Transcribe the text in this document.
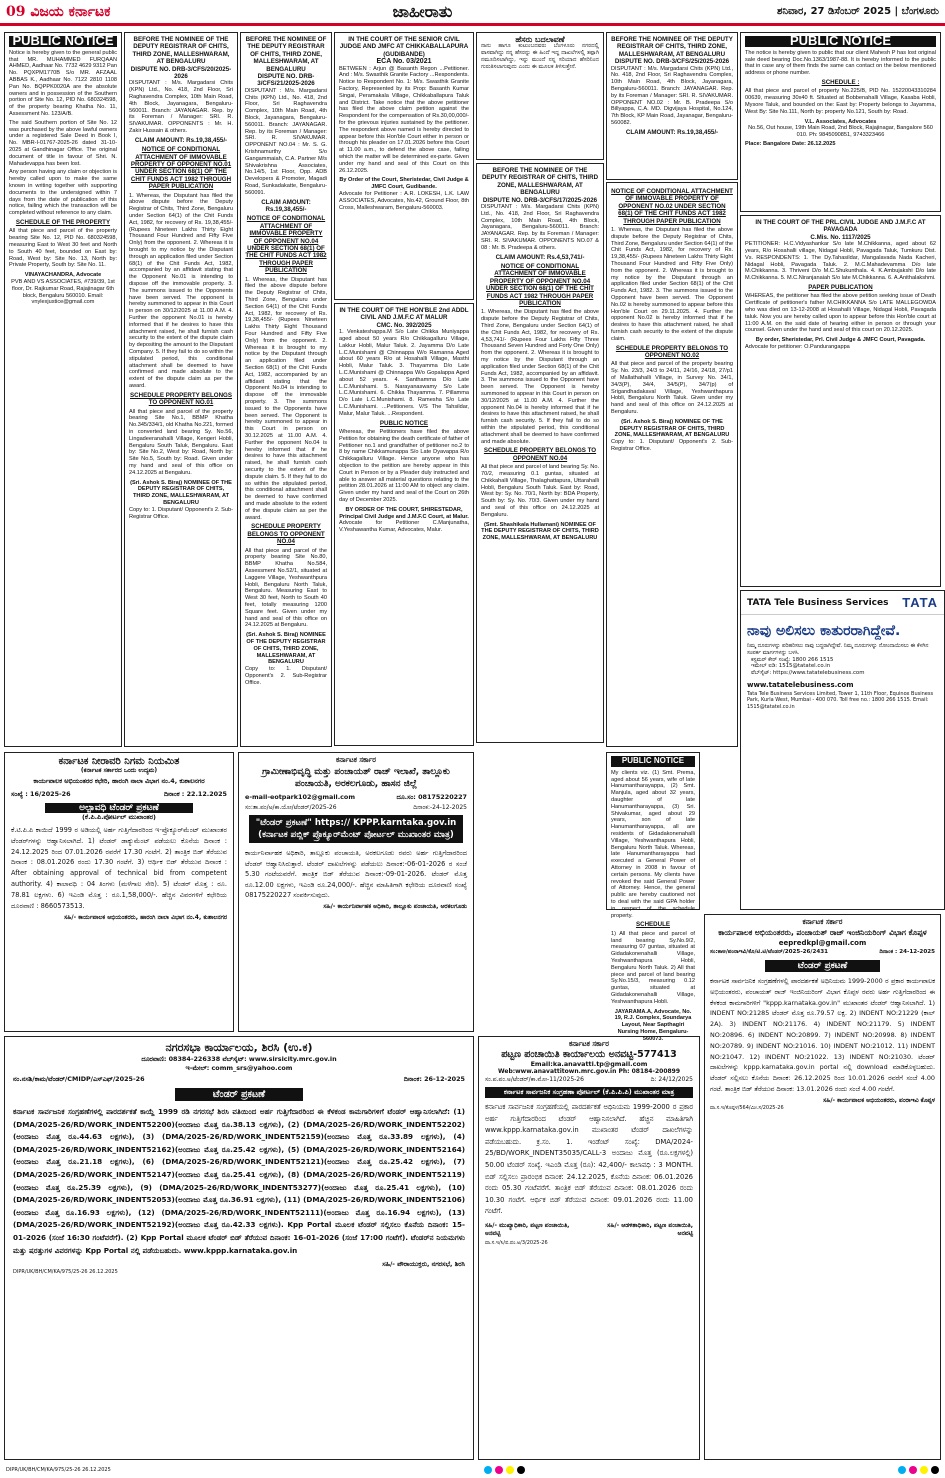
09 ವಿಜಯ ಕರ್ನಾಟಕ	ಜಾಹೀರಾತು	ಶನಿವಾರ, 27 ಡಿಸೆಂಬರ್ 2025 | ಬೆಂಗಳೂರು
PUBLIC NOTICE

Notice is hereby given to the general public that MR. MUHAMMED FURQAAN AHMED, Aadhaar No. 7732 4629 9312 Pan No. PQXPM1770B S/o MR. AFZAAL ABBAS K., Aadhaar No. 7122 2810 1108 Pan No. BQPPK0020A are the absolute owners and in possession of the Southern portion of Site No. 12, PID No. 680324598, of the property bearing Khatha No. 11, Assessment No. 123/A/B.

The said Southern portion of Site No. 12 was purchased by the above lawful owners under a registered Sale Deed in Book I, No. MBR-I-01767-2025-26 dated 31-10-2025 at Gandhinagar Office. The original document of title in favour of Shri. N. Mahadevappa has been lost.

Any person having any claim or objection is hereby called upon to make the same known in writing together with supporting documents to the undersigned within 7 days from the date of publication of this notice, failing which the transaction will be completed without reference to any claim.

SCHEDULE OF THE PROPERTY

All that piece and parcel of the property bearing Site No. 12, PID No. 680324598, measuring East to West 30 feet and North to South 40 feet, bounded on East by: Road, West by: Site No. 13, North by: Private Property, South by: Site No. 11.

VINAYACHANDRA, Advocate

PVB AND VS ASSOCIATES, #739/39, 1st floor, Dr. Rajkumar Road, Rajajinagar 6th block, Bengaluru 560010. Email: vnylexjustice@gmail.com

BEFORE THE NOMINEE OF THE DEPUTY REGISTRAR OF CHITS, THIRD ZONE, MALLESHWARAM, AT BENGALURU
DISPUTE NO. DRB-3/CFS/20/2025-2026

DISPUTANT : M/s. Margadarsi Chits (KPN) Ltd., No. 418, 2nd Floor, Sri Raghavendra Complex, 10th Main Road, 4th Block, Jayanagara, Bengaluru-560011. Branch: JAYANAGAR. Rep. by its Foreman / Manager: SRI. R. SIVAKUMAR. OPPONENTS : Mr. H. Zakir Hussain & others.

CLAIM AMOUNT: Rs.19,38,455/-
NOTICE OF CONDITIONAL ATTACHMENT OF IMMOVABLE PROPERTY OF OPPONENT NO.01 UNDER SECTION 68(1) OF THE CHIT FUNDS ACT 1982 THROUGH PAPER PUBLICATION

1. Whereas, the Disputant has filed the above dispute before the Deputy Registrar of Chits, Third Zone, Bengaluru under Section 64(1) of the Chit Funds Act, 1982, for recovery of Rs. 19,38,455/- (Rupees Nineteen Lakhs Thirty Eight Thousand Four Hundred and Fifty Five Only) from the opponent. 2. Whereas it is brought to my notice by the Disputant through an application filed under Section 68(1) of the Chit Funds Act, 1982, accompanied by an affidavit stating that the Opponent No.01 is intending to dispose off the immovable property. 3. The summons issued to the Opponents have been served. The opponent is hereby summoned to appear in this Court in person on 30/12/2025 at 11.00 A.M. 4. Further the opponent No.01 is hereby informed that if he desires to have this attachment raised, he shall furnish cash security to the extent of the dispute claim by depositing the amount to the Disputant Company. 5. If they fail to do so within the stipulated period, this conditional attachment shall be deemed to have confirmed and made absolute to the extent of the dispute claim as per the award.

SCHEDULE PROPERTY BELONGS TO OPPONENT NO.01

All that piece and parcel of the property bearing Site No.1, BBMP Khatha No.345/334/1, old Khatha No.221, formed in converted land bearing Sy. No.56, Lingadeeranahalli Village, Kengeri Hobli, Bengaluru South Taluk, Bengaluru. East by: Site No.2, West by: Road, North by: Site No.5, South by: Road. Given under my hand and seal of this office on 24.12.2025 at Bengaluru.

(Sri. Ashok S. Biraj) NOMINEE OF THE DEPUTY REGISTRAR OF CHITS, THIRD ZONE, MALLESHWARAM, AT BENGALURU

Copy to: 1. Disputant/ Opponent's 2. Sub-Registrar Office.

BEFORE THE NOMINEE OF THE DEPUTY REGISTRAR OF CHITS, THIRD ZONE, MALLESHWARAM, AT BENGALURU
DISPUTE NO. DRB-3/CFS/21/2025-2026

DISPUTANT : M/s. Margadarsi Chits (KPN) Ltd., No. 418, 2nd Floor, Sri Raghavendra Complex, 10th Main Road, 4th Block, Jayanagara, Bengaluru-560011. Branch: JAYANAGAR. Rep. by its Foreman / Manager: SRI. R. SIVAKUMAR. OPPONENT NO.04 : Mr. S. G. Krishnamurthy S/o Gangammaiah, C.A. Partner M/s Shivakrishna Associates, No.14/5, 1st Floor, Opp. ADB Developers & Promoter, Magadi Road, Sunkadakatte, Bengaluru-560091.

CLAIM AMOUNT: Rs.19,38,455/-
NOTICE OF CONDITIONAL ATTACHMENT OF IMMOVABLE PROPERTY OF OPPONENT NO.04 UNDER SECTION 68(1) OF THE CHIT FUNDS ACT 1982 THROUGH PAPER PUBLICATION

1. Whereas, the Disputant has filed the above dispute before the Deputy Registrar of Chits, Third Zone, Bengaluru under Section 64(1) of the Chit Funds Act, 1982, for recovery of Rs. 19,38,455/- (Rupees Nineteen Lakhs Thirty Eight Thousand Four Hundred and Fifty Five Only) from the opponent. 2. Whereas it is brought to my notice by the Disputant through an application filed under Section 68(1) of the Chit Funds Act, 1982, accompanied by an affidavit stating that the Opponent No.04 is intending to dispose off the immovable property. 3. The summons issued to the Opponents have been served. The Opponent is hereby summoned to appear in this Court in person on 30.12.2025 at 11.00 A.M. 4. Further the opponent No.04 is hereby informed that if he desires to have this attachment raised, he shall furnish cash security to the extent of the dispute claim. 5. If they fail to do so within the stipulated period, this conditional attachment shall be deemed to have confirmed and made absolute to the extent of the dispute claim as per the award.

SCHEDULE PROPERTY BELONGS TO OPPONENT NO.04

All that piece and parcel of the property bearing Site No.80, BBMP Khatha No.584, Assessment No.52/1, situated at Laggere Village, Yeshwanthpura Hobli, Bengaluru North Taluk, Bengaluru. Measuring East to West 30 feet, North to South 40 feet, totally measuring 1200 Square feet. Given under my hand and seal of this office on 24.12.2025 at Bengaluru.

(Sri. Ashok S. Biraj) NOMINEE OF THE DEPUTY REGISTRAR OF CHITS, THIRD ZONE, MALLESHWARAM, AT BENGALURU

Copy to: 1. Disputant/ Opponent's 2. Sub-Registrar Office.

IN THE COURT OF THE SENIOR CIVIL JUDGE AND JMFC AT CHIKKABALLAPURA (GUDIBANDE)
ECA No. 03/2021

BETWEEN : Arjun @ Basanth Regon ...Petitioner. And : M/s. Swasthik Granite Factory ...Respondents. Notice to Respondent No. 1: M/s. Swasthik Granite Factory, Represented by its Prop: Basanth Kumar Singai, Peramakala Village, Chikkaballapura Taluk and District. Take notice that the above petitioner has filed the above claim petition against the Respondent for the compensation of Rs.30,00,000/- for the grievous injuries sustained by the petitioner. The respondent above named is hereby directed to appear before this Hon'ble Court either in person or through his pleader on 17.01.2026 before this Court at 11.00 a.m., to defend the above case, failing which the matter will be determined ex-parte. Given under my hand and seal of this Court on this 26.12.2025.

By Order of the Court, Sheristedar, Civil Judge & JMFC Court, Gudibande.

Advocate for Petitioner : A.R. LOKESH, L.K. LAW ASSOCIATES, Advocates, No.42, Ground Floor, 8th Cross, Malleshwaram, Bengaluru-560003.

IN THE COURT OF THE HON'BLE 2nd ADDL CIVIL AND J.M.F.C AT MALUR
CMC. No. 392/2025

1. Venkateshappa.M S/o Late Chikka Muniyappa aged about 50 years R/o Chikkagalluru Village, Lakkur Hobli, Malur Taluk. 2. Jayamma D/o Late L.C.Munishami @ Chinnappa W/o Ramanna Aged about 60 years R/o at Hosahalli Village, Masthi Hobli, Malur Taluk. 3. Thayamma D/o Late L.C.Munishami @ Chinnappa W/o Gopalappa Aged about 52 years. 4. Santhamma D/o Late L.C.Munishami. 5. Narayanaswamy S/o Late L.C.Munishami. 6. Chikka Thayamma. 7. Pillamma D/o Late L.C.Munishami. 8. Ramesha S/o Late L.C.Munishami. ...Petitioners. V/S The Tahsildar, Malur, Malur Taluk. ...Respondent.

PUBLIC NOTICE

Whereas, the Petitioners have filed the above Petition for obtaining the death certificate of father of Petitioner no.1 and grandfather of petitioner no.2 to 8 by name Chikkamunappa S/o Late Dyavappa R/o Chikkagalluru Village. Hence anyone who has objection to the petition are hereby appear in this Court in Person or by a Pleader duly instructed and able to answer all material questions relating to the petition 28.01.2026 at 11:00 AM to object any claim. Given under my hand and seal of the Court on 26th day of December 2025.

BY ORDER OF THE COURT, SHIRESTEDAR, Principal Civil Judge and J.M.F.C Court, at Malur.

Advocate for Petitioner C.Manjunatha, V.Yeshawantha Kumar, Advocates, Malur.

ಹೆಸರು ಬದಲಾವಣೆ

ನಾನು ಹಾಗೂ ಕುಟುಂಬದವರು ಬೆಂಗಳೂರು ನಗರದಲ್ಲಿ ವಾಸವಾಗಿದ್ದು ನನ್ನ ಹೆಸರನ್ನು ಈ ಹಿಂದೆ ಇದ್ದ ದಾಖಲೆಗಳಲ್ಲಿ ತಪ್ಪಾಗಿ ನಮೂದಿಸಲಾಗಿದ್ದು, ಇನ್ನು ಮುಂದೆ ನನ್ನ ಸರಿಯಾದ ಹೆಸರಿನಿಂದ ಗುರುತಿಸಲಾಗುವುದು ಎಂದು ಈ ಮೂಲಕ ತಿಳಿಸುತ್ತೇನೆ.

BEFORE THE NOMINEE OF THE DEPUTY REGISTRAR OF CHITS, THIRD ZONE, MALLESHWARAM, AT BENGALURU
DISPUTE NO. DRB-3/CFS/17/2025-2026

DISPUTANT : M/s. Margadarsi Chits (KPN) Ltd., No. 418, 2nd Floor, Sri Raghavendra Complex, 10th Main Road, 4th Block, Jayanagara, Bengaluru-560011. Branch: JAYANAGAR. Rep. by its Foreman / Manager: SRI. R. SIVAKUMAR. OPPONENTS NO.07 & 08 : Mr. B. Pradeepa & others.

CLAIM AMOUNT: Rs.4,53,741/-
NOTICE OF CONDITIONAL ATTACHMENT OF IMMOVABLE PROPERTY OF OPPONENT NO.04 UNDER SECTION 68(1) OF THE CHIT FUNDS ACT 1982 THROUGH PAPER PUBLICATION

1. Whereas, the Disputant has filed the above dispute before the Deputy Registrar of Chits, Third Zone, Bengaluru under Section 64(1) of the Chit Funds Act, 1982, for recovery of Rs. 4,53,741/- (Rupees Four Lakhs Fifty Three Thousand Seven Hundred and Forty One Only) from the opponent. 2. Whereas it is brought to my notice by the Disputant through an application filed under Section 68(1) of the Chit Funds Act, 1982, accompanied by an affidavit. 3. The summons issued to the Opponent have been served. The Opponent is hereby summoned to appear in this Court in person on 30/12/2025 at 11.00 A.M. 4. Further the opponent No.04 is hereby informed that if he desires to have this attachment raised, he shall furnish cash security. 5. If they fail to do so within the stipulated period, this conditional attachment shall be deemed to have confirmed and made absolute.

SCHEDULE PROPERTY BELONGS TO OPPONENT NO.04

All that piece and parcel of land bearing Sy. No. 70/2, measuring 0.1 guntas, situated at Chikkahalli Village, Thalaghattapura, Uttarahalli Hobli, Bengaluru South Taluk. East by: Road, West by: Sy. No. 70/1, North by: BDA Property, South by: Sy. No. 70/3. Given under my hand and seal of this office on 24.12.2025 at Bengaluru.

(Smt. Shashikala Hullamani) NOMINEE OF THE DEPUTY REGISTRAR OF CHITS, THIRD ZONE, MALLESHWARAM, AT BENGALURU
BEFORE THE NOMINEE OF THE DEPUTY REGISTRAR OF CHITS, THIRD ZONE, MALLESHWARAM, AT BENGALURU
DISPUTE NO. DRB-3/CFS/25/2025-2026

DISPUTANT : M/s. Margadarsi Chits (KPN) Ltd., No. 418, 2nd Floor, Sri Raghavendra Complex, 10th Main Road, 4th Block, Jayanagara, Bengaluru-560011. Branch: JAYANAGAR. Rep. by its Foreman / Manager: SRI. R. SIVAKUMAR. OPPONENT NO.02 : Mr. B. Pradeepa S/o Billyappa, C.A. MD. Digvijaya Hospital, No.124, 7th Block, KP Main Road, Jayanagar, Bengaluru-560082.

CLAIM AMOUNT: Rs.19,38,455/-
NOTICE OF CONDITIONAL ATTACHMENT OF IMMOVABLE PROPERTY OF OPPONENT NO.02 UNDER SECTION 68(1) OF THE CHIT FUNDS ACT 1982 THROUGH PAPER PUBLICATION

1. Whereas, the Disputant has filed the above dispute before the Deputy Registrar of Chits, Third Zone, Bengaluru under Section 64(1) of the Chit Funds Act, 1982, for recovery of Rs. 19,38,455/- (Rupees Nineteen Lakhs Thirty Eight Thousand Four Hundred and Fifty Five Only) from the opponent. 2. Whereas it is brought to my notice by the Disputant through an application filed under Section 68(1) of the Chit Funds Act, 1982. 3. The summons issued to the Opponent have been served. The Opponent No.02 is hereby summoned to appear before this Hon'ble Court on 29.11.2025. 4. Further the opponent No.02 is hereby informed that if he desires to have this attachment raised, he shall furnish cash security to the extent of the dispute claim.

SCHEDULE PROPERTY BELONGS TO OPPONENT NO.02

All that piece and parcel of the property bearing Sy. No. 23/3, 24/3 to 24/11, 24/16, 24/18, 27/p1 of Mallathahalli Village, in Survey No. 34/1, 34/3(P), 34/4, 34/5(P), 34/7(p) of Srigandhadakaval Village, Yeshwanthapura Hobli, Bengaluru North Taluk. Given under my hand and seal of this office on 24.12.2025 at Bengaluru.

(Sri. Ashok S. Biraj) NOMINEE OF THE DEPUTY REGISTRAR OF CHITS, THIRD ZONE, MALLESHWARAM, AT BENGALURU

Copy to: 1. Disputant/ Opponent's 2. Sub-Registrar Office.

PUBLIC NOTICE

The notice is hereby given to public that our client Mahesh P has lost original sale deed bearing Doc.No.1363/1987-88. It is hereby informed to the public that in case any of them finds the same can contact on the below mentioned address or phone number.

SCHEDULE :

All that piece and parcel of property No.225/B, PID No. 15220043310284 00639, measuring 30x40 ft. Situated at Bobbenahalli Village, Kasaba Hobli, Mysore Taluk, and bounded on the: East by: Property belongs to Jayamma, West By: Site No.111, North by: property No.121, South by: Road.

V.L. Associates, Advocates

No.56, Out house, 19th Main Road, 2nd Block, Rajajinagar, Bangalore 560 010. Ph: 9845090851, 9743323466

Place: Bangalore Date: 26.12.2025

IN THE COURT OF THE PRL.CIVIL JUDGE AND J.M.F.C AT PAVAGADA
C.Mis. No. 1117/2025

PETITIONER: H.C.Vidyashankar S/o late M.Chikkanna, aged about 62 years, R/o Hosahalli village, Nidagal Hobli, Pavagada Taluk, Tumkuru Dist. Vs. RESPONDENTS: 1. The Dy.Tahasildar, Mangalavada Nada Kacheri, Nidagal Hobli, Pavagada Taluk. 2. M.C.Mahadevamma D/o late M.Chikkanna. 3. Thriveni D/o M.C.Shukunthala. 4. K.Ambujakshi D/o late M.Chikkanna. 5. M.C.Niranjanaiah S/o late M.Chikkanna. 6. A.Anithalakshmi.

PAPER PUBLICATION

WHEREAS, the petitioner has filed the above petition seeking issue of Death Certificate of petitioner's father M.CHIKKANNA S/o LATE MALLEGOWDA who was died on 13-12-2008 at Hosahalli Village, Nidagal Hobli, Pavagada taluk. Now you are hereby called upon to appear before this Hon'ble court at 11:00 A.M. on the said date of hearing either in person or through your counsel. Given under the hand and seal of this court on 20.12.2025.

By order, Sheristedar, Prl. Civil Judge & JMFC Court, Pavagada.

Advocate for petitioner: O.Pandurangappa

TATA Tele Business Services TATA
ನಾವು ಅಲಿಸಲು ಕಾತುರರಾಗಿದ್ದೇವೆ.

ನಿಮ್ಮ ದೂರುಗಳನ್ನು ಪರಿಹರಿಸಲು ನಾವು ಬದ್ಧರಾಗಿದ್ದೇವೆ. ನಿಮ್ಮ ದೂರುಗಳನ್ನು ನೋಂದಾಯಿಸಲು ಈ ಕೆಳಗಿನ ಸಂಪರ್ಕ ಮಾರ್ಗಗಳನ್ನು ಬಳಸಿ.

ಕಸ್ಟಮರ್ ಕೇರ್ ಸಂಖ್ಯೆ: 1800 266 1515

ಇಮೇಲ್ ಐಡಿ: 1515@tatatel.co.in

ವೆಬ್‌ಸೈಟ್: https://www.tatatelebusiness.com

www.tatatelebusiness.com
Tata Tele Business Services Limited, Tower 1, 11th Floor, Equinox Business Park, Kurla West, Mumbai - 400 070. Toll free no.: 1800 266 1515. Email: 1515@tatatel.co.in
ಕರ್ನಾಟಕ ನೀರಾವರಿ ನಿಗಮ ನಿಯಮಿತ
(ಕರ್ನಾಟಕ ಸರ್ಕಾರದ ಒಂದು ಉದ್ಯಮ)
ಕಾರ್ಯಪಾಲಕ ಅಭಿಯಂತರರ ಕಛೇರಿ, ಹಾರಂಗಿ ನಾಲಾ ವಿಭಾಗ ನಂ.4, ಕುಶಾಲನಗರ
ಸಂಖ್ಯೆ : 16/2025-26	ದಿನಾಂಕ : 22.12.2025
ಅಲ್ಪಾವಧಿ ಟೆಂಡರ್ ಪ್ರಕಟಣೆ
(ಕೆ.ಪಿ.ಪಿ.ಪೋರ್ಟಲ್ ಮುಖಾಂತರ)
ಕೆ.ಟಿ.ಪಿ.ಪಿ ಕಾಯಿದೆ 1999 ರ ಅಡಿಯಲ್ಲಿ ಅರ್ಹ ಗುತ್ತಿಗೆದಾರರಿಂದ ಇ-ಪ್ರೊಕ್ಯೂರ್‌ಮೆಂಟ್ ಮುಖಾಂತರ ಟೆಂಡರ್‌ಗಳನ್ನು ಆಹ್ವಾನಿಸಲಾಗಿದೆ. 1) ಟೆಂಡರ್ ಡಾಕ್ಯುಮೆಂಟ್ ಪಡೆಯಲು ಕೊನೆಯ ದಿನಾಂಕ : 24.12.2025 ರಿಂದ 07.01.2026 ರವರೆಗೆ 17.30 ಗಂಟೆಗೆ. 2) ತಾಂತ್ರಿಕ ಬಿಡ್ ತೆರೆಯುವ ದಿನಾಂಕ : 08.01.2026 ರಂದು 17.30 ಗಂಟೆಗೆ. 3) ಆರ್ಥಿಕ ಬಿಡ್ ತೆರೆಯುವ ದಿನಾಂಕ : After obtaining approval of technical bid from competent authority. 4) ಕಾಲಾವಧಿ : 04 ತಿಂಗಳು (ಮಳೆಗಾಲ ಸೇರಿ). 5) ಟೆಂಡರ್ ಮೊತ್ತ : ರೂ. 78.81 ಲಕ್ಷಗಳು. 6) ಇಎಂಡಿ ಮೊತ್ತ : ರೂ.1,58,000/-. ಹೆಚ್ಚಿನ ವಿವರಗಳಿಗೆ ಕಛೇರಿಯ ದೂರವಾಣಿ : 8660573513.
ಸಹಿ/- ಕಾರ್ಯಪಾಲಕ ಅಭಿಯಂತರರು, ಹಾರಂಗಿ ನಾಲಾ ವಿಭಾಗ ನಂ.4, ಕುಶಾಲನಗರ
ಕರ್ನಾಟಕ ಸರ್ಕಾರ
ಗ್ರಾಮೀಣಾಭಿವೃದ್ಧಿ ಮತ್ತು ಪಂಚಾಯತ್ ರಾಜ್ ಇಲಾಖೆ, ತಾಲ್ಲೂಕು ಪಂಚಾಯತಿ, ಅರಕಲಗೂಡು, ಹಾಸನ ಜಿಲ್ಲೆ
e-mail-eotpark102@gmail.com	ದೂ.ಸಂ: 08175220227
ಸಂ:ತಾ.ಪಂ/ಅ/ಕಾ.ಯೋ/ಟೆಂಡರ್/2025-26	ದಿನಾಂಕ:-24-12-2025
"ಟೆಂಡರ್ ಪ್ರಕಟಣೆ" https:// KPPP.karntaka.gov.in (ಕರ್ನಾಟಕ ಪಬ್ಲಿಕ್ ಪ್ರೊಕ್ಯೂರ್‌ಮೆಂಟ್ ಪೋರ್ಟಲ್ ಮುಖಾಂತರ ಮಾತ್ರ)
ಕಾರ್ಯನಿರ್ವಾಹಕ ಅಧಿಕಾರಿ, ತಾಲ್ಲೂಕು ಪಂಚಾಯತಿ, ಅರಕಲಗೂಡು ರವರು ಅರ್ಹ ಗುತ್ತಿಗೆದಾರರಿಂದ ಟೆಂಡರ್ ಆಹ್ವಾನಿಸಿರುತ್ತಾರೆ. ಟೆಂಡರ್ ದಾಖಲೆಗಳನ್ನು ಪಡೆಯಲು ದಿನಾಂಕ:-06-01-2026 ರ ಸಂಜೆ 5.30 ಗಂಟೆಯವರೆಗೆ. ತಾಂತ್ರಿಕ ಬಿಡ್ ತೆರೆಯುವ ದಿನಾಂಕ:-09-01-2026. ಟೆಂಡರ್ ಮೊತ್ತ ರೂ.12.00 ಲಕ್ಷಗಳು, ಇಎಂಡಿ ರೂ.24,000/-. ಹೆಚ್ಚಿನ ಮಾಹಿತಿಗಾಗಿ ಕಛೇರಿಯ ದೂರವಾಣಿ ಸಂಖ್ಯೆ 08175220227 ಸಂಪರ್ಕಿಸುವುದು.
ಸಹಿ/- ಕಾರ್ಯನಿರ್ವಾಹಕ ಅಧಿಕಾರಿ, ತಾಲ್ಲೂಕು ಪಂಚಾಯತಿ, ಅರಕಲಗೂಡು
ನಗರಸಭಾ ಕಾರ್ಯಾಲಯ, ಶಿರಸಿ (ಉ.ಕ)
ದೂರವಾಣಿ: 08384-226338 ವೆಬ್‌ಸೈಟ್: www.sirsicity.mrc.gov.in
ಇ-ಮೇಲ್: comm_srs@yahoo.com
ನಂ.ನಸಶಿ/ಕಾಮ/ಟೆಂಡರ್/CMIDP/ಎಸ್‌ಎಫ್/2025-26	ದಿನಾಂಕ: 26-12-2025
ಟೆಂಡರ್ ಪ್ರಕಟಣೆ
ಕರ್ನಾಟಕ ಸಾರ್ವಜನಿಕ ಸಂಗ್ರಹಣೆಗಳಲ್ಲಿ ಪಾರದರ್ಶಕತೆ ಕಾಯ್ದೆ 1999 ರಡಿ ನಗರಸಭೆ ಶಿರಸಿ ವತಿಯಿಂದ ಅರ್ಹ ಗುತ್ತಿಗೆದಾರರಿಂದ ಈ ಕೆಳಕಂಡ ಕಾಮಗಾರಿಗಳಿಗೆ ಟೆಂಡರ್ ಆಹ್ವಾನಿಸಲಾಗಿದೆ: (1) (DMA/2025-26/RD/WORK_INDENT52200)(ಅಂದಾಜು ಮೊತ್ತ ರೂ.38.13 ಲಕ್ಷಗಳು), (2) (DMA/2025-26/RD/WORK_INDENT52202)(ಅಂದಾಜು ಮೊತ್ತ ರೂ.44.63 ಲಕ್ಷಗಳು), (3) (DMA/2025-26/RD/WORK_INDENT52159)(ಅಂದಾಜು ಮೊತ್ತ ರೂ.33.89 ಲಕ್ಷಗಳು), (4) (DMA/2025-26/RD/WORK_INDENT52162)(ಅಂದಾಜು ಮೊತ್ತ ರೂ.25.42 ಲಕ್ಷಗಳು), (5) (DMA/2025-26/RD/WORK_INDENT52164)(ಅಂದಾಜು ಮೊತ್ತ ರೂ.21.18 ಲಕ್ಷಗಳು), (6) (DMA/2025-26/RD/WORK_INDENT52121)(ಅಂದಾಜು ಮೊತ್ತ ರೂ.25.42 ಲಕ್ಷಗಳು), (7) (DMA/2025-26/RD/WORK_INDENT52147)(ಅಂದಾಜು ಮೊತ್ತ ರೂ.25.41 ಲಕ್ಷಗಳು), (8) (DMA/2025-26/RD/WORK_INDENT52119)(ಅಂದಾಜು ಮೊತ್ತ ರೂ.25.39 ಲಕ್ಷಗಳು), (9) (DMA/2025-26/RD/WORK_INDENT53277)(ಅಂದಾಜು ಮೊತ್ತ ರೂ.25.41 ಲಕ್ಷಗಳು), (10) (DMA/2025-26/RD/WORK_INDENT52053)(ಅಂದಾಜು ಮೊತ್ತ ರೂ.36.91 ಲಕ್ಷಗಳು), (11) (DMA/2025-26/RD/WORK_INDENT52106)(ಅಂದಾಜು ಮೊತ್ತ ರೂ.16.93 ಲಕ್ಷಗಳು), (12) (DMA/2025-26/RD/WORK_INDENT52111)(ಅಂದಾಜು ಮೊತ್ತ ರೂ.16.94 ಲಕ್ಷಗಳು), (13) (DMA/2025-26/RD/WORK_INDENT52192)(ಅಂದಾಜು ಮೊತ್ತ ರೂ.42.33 ಲಕ್ಷಗಳು). Kpp Portal ಮೂಲಕ ಟೆಂಡರ್ ಸಲ್ಲಿಸಲು ಕೊನೆಯ ದಿನಾಂಕ: 15-01-2026 (ಸಂಜೆ 16:30 ಗಂಟೆವರೆಗೆ). (2) Kpp Portal ಮೂಲಕ ಟೆಂಡರ್ ಬಿಡ್ ತೆರೆಯುವ ದಿನಾಂಕ: 16-01-2026 (ಸಂಜೆ 17:00 ಗಂಟೆಗೆ). ಟೆಂಡರ್‌ನ ನಿಯಮಗಳು ಮತ್ತು ಷರತ್ತುಗಳ ವಿವರಗಳನ್ನು Kpp Portal ನಲ್ಲಿ ಪಡೆಯಬಹುದು. www.kppp.karnataka.gov.in
ಸಹಿ/- ಪೌರಾಯುಕ್ತರು, ನಗರಸಭೆ, ಶಿರಸಿ
DIPR/UK/BH/CM/KA/975/25-26 26.12.2025
ಕರ್ನಾಟಕ ಸರ್ಕಾರ
ಪಟ್ಟಣ ಪಂಚಾಯಿತಿ ಕಾರ್ಯಾಲಯ ಅನವಟ್ಟಿ-577413
Email:ka.anavatti.tp@gmail.com
Web:www.anavattitown.mrc.gov.in Ph: 08184-200899
ಸಂ.ಪ.ಪಂ.ಅ/ಟೆಂಡರ್/ಕಾ.ಮೋ-11/2025-26	ದಿ: 24/12/2025
ಕರ್ನಾಟಕ ಸಾರ್ವಜನಿಕ ಸಂಗ್ರಹಣಾ ಪೋರ್ಟಲ್ (ಕೆ.ಪಿ.ಪಿ.ಪಿ) ಮುಖಾಂತರ ಮಾತ್ರ
ಕರ್ನಾಟಕ ಸಾರ್ವಜನಿಕ ಸಂಗ್ರಹಣೆಯಲ್ಲಿ ಪಾರದರ್ಶಕತೆ ಅಧಿನಿಯಮ 1999-2000 ರ ಪ್ರಕಾರ ಅರ್ಹ ಗುತ್ತಿಗೆದಾರರಿಂದ ಟೆಂಡರ್ ಆಹ್ವಾನಿಸಲಾಗಿದೆ. ಹೆಚ್ಚಿನ ಮಾಹಿತಿಗಾಗಿ www.kppp.karnataka.gov.in ಮುಖಾಂತರ ಟೆಂಡರ್ ದಾಖಲೆಗಳನ್ನು ಪಡೆಯಬಹುದು. ಕ್ರ.ಸಂ. 1. ಇಂಡೆಂಟ್ ಸಂಖ್ಯೆ: DMA/2024-25/BD/WORK_INDENT35035/CALL-3 ಅಂದಾಜು ಮೊತ್ತ (ರೂ.ಲಕ್ಷಗಳಲ್ಲಿ) 50.00 ಟೆಂಡರ್ ಸಂಖ್ಯೆ. ಇಎಂಡಿ ಮೊತ್ತ (ರೂ): 42,400/- ಕಾಲಾವಧಿ : 3 MONTH. ಬಿಡ್ ಸಲ್ಲಿಸಲು ಪ್ರಾರಂಭಿಕ ದಿನಾಂಕ: 24.12.2025, ಕೊನೆಯ ದಿನಾಂಕ: 06.01.2026 ರಂದು 05.30 ಗಂಟೆವರೆಗೆ. ತಾಂತ್ರಿಕ ಬಿಡ್ ತೆರೆಯುವ ದಿನಾಂಕ: 08.01.2026 ರಂದು 10.30 ಗಂಟೆಗೆ. ಆರ್ಥಿಕ ಬಿಡ್ ತೆರೆಯುವ ದಿನಾಂಕ: 09.01.2026 ರಂದು 11.00 ಗಂಟೆಗೆ.
ಸಹಿ/- ಮುಖ್ಯಾಧಿಕಾರಿ, ಪಟ್ಟಣ ಪಂಚಾಯಿತಿ, ಅನವಟ್ಟಿ
ಸಹಿ/- ಆಡಳಿತಾಧಿಕಾರಿ, ಪಟ್ಟಣ ಪಂಚಾಯಿತಿ, ಅನವಟ್ಟಿ
ವಾ.ಸ.ಇ/ಸಿ/ಪ.ಪಂ.ಅ/3/2025-26
ಕರ್ನಾಟಕ ಸರ್ಕಾರ
ಕಾರ್ಯಪಾಲಕ ಅಭಿಯಂತರರು, ಪಂಚಾಯತ್ ರಾಜ್ ಇಂಜಿನಿಯರಿಂಗ್ ವಿಭಾಗ ಕೊಪ್ಪಳ
eepredkpl@gmail.com
ಸಂ:ಕಾಅ/ಪಂರಾಇವಿ/ಕೊ/ಟಿ.ಟಿ/ಟೆಂಡರ್/2025-26/2431	ದಿನಾಂಕ : 24-12-2025
ಟೆಂಡರ್ ಪ್ರಕಟಣೆ
ಕರ್ನಾಟಕ ಸಾರ್ವಜನಿಕ ಸಂಗ್ರಹಣೆಗಳಲ್ಲಿ ಪಾರದರ್ಶಕತೆ ಅಧಿನಿಯಮ 1999-2000 ರ ಪ್ರಕಾರ ಕಾರ್ಯಪಾಲಕ ಅಭಿಯಂತರರು, ಪಂಚಾಯತ್ ರಾಜ್ ಇಂಜಿನಿಯರಿಂಗ್ ವಿಭಾಗ ಕೊಪ್ಪಳ ರವರು ಅರ್ಹ ಗುತ್ತಿಗೆದಾರರಿಂದ ಈ ಕೆಳಕಂಡ ಕಾಮಗಾರಿಗಳಿಗೆ "kppp.karnataka.gov.in" ಮುಖಾಂತರ ಟೆಂಡರ್ ಆಹ್ವಾನಿಸಲಾಗಿದೆ. 1) INDENT NO:21285 ಟೆಂಡರ್ ಮೊತ್ತ ರೂ.79.57 ಲಕ್ಷ. 2) INDENT NO:21229 (ಕಾಲ್ 2A). 3) INDENT NO:21176. 4) INDENT NO:21179. 5) INDENT NO:20896. 6) INDENT NO:20899. 7) INDENT NO:20998. 8) INDENT NO:20789. 9) INDENT NO:21016. 10) INDENT NO:21012. 11) INDENT NO:21047. 12) INDENT NO:21022. 13) INDENT NO:21030. ಟೆಂಡರ್ ದಾಖಲೆಗಳನ್ನು kppp.karnataka.gov.in portal ನಲ್ಲಿ download ಮಾಡಿಕೊಳ್ಳಬಹುದು. ಟೆಂಡರ್ ಸಲ್ಲಿಸಲು ಕೊನೆಯ ದಿನಾಂಕ: 26.12.2025 ರಿಂದ 10.01.2026 ರವರೆಗೆ ಸಂಜೆ 4.00 ಗಂಟೆ. ತಾಂತ್ರಿಕ ಬಿಡ್ ತೆರೆಯುವ ದಿನಾಂಕ: 13.01.2026 ರಂದು ಸಂಜೆ 4.00 ಗಂಟೆಗೆ.
ಸಹಿ/- ಕಾರ್ಯಪಾಲಕ ಅಭಿಯಂತರರು, ಪಂರಾಇವಿ ಕೊಪ್ಪಳ
ವಾ.ಸ.ಇ/ಕೊಪ್ಪಳ/564/ಮೀ.ಸ/2025-26
DIPR/UK/BH/CM/KA/975/25-26 26.12.2025
PUBLIC NOTICE

My clients viz. (1) Smt. Prema, aged about 56 years, wife of late Hanumantharayappa, (2) Smt. Manjula, aged about 32 years, daughter of late Hanumantharayappa, (3) Sri. Shivakumar, aged about 29 years, son of late Hanumantharayappa, all are residents of Gidadakonenahalli Village, Yeshwanthapura Hobli, Bengaluru North Taluk. Whereas, late Hanumantharayappa had executed a General Power of Attorney in 2008 in favour of certain persons. My clients have revoked the said General Power of Attorney. Hence, the general public are hereby cautioned not to deal with the said GPA holder in respect of the schedule property.

SCHEDULE

1) All that piece and parcel of land bearing Sy.No.9/2, measuring 07 guntas, situated at Gidadakonenahalli Village, Yeshwanthapura Hobli, Bengaluru North Taluk. 2) All that piece and parcel of land bearing Sy.No.15/3, measuring 0.12 guntas, situated at Gidadakonenahalli Village, Yeshwanthapura Hobli.

JAYARAMA.A, Advocate, No. 19, R.J. Complex, Soundarya Layout, Near Sapthagiri Nursing Home, Bengaluru-560073.
